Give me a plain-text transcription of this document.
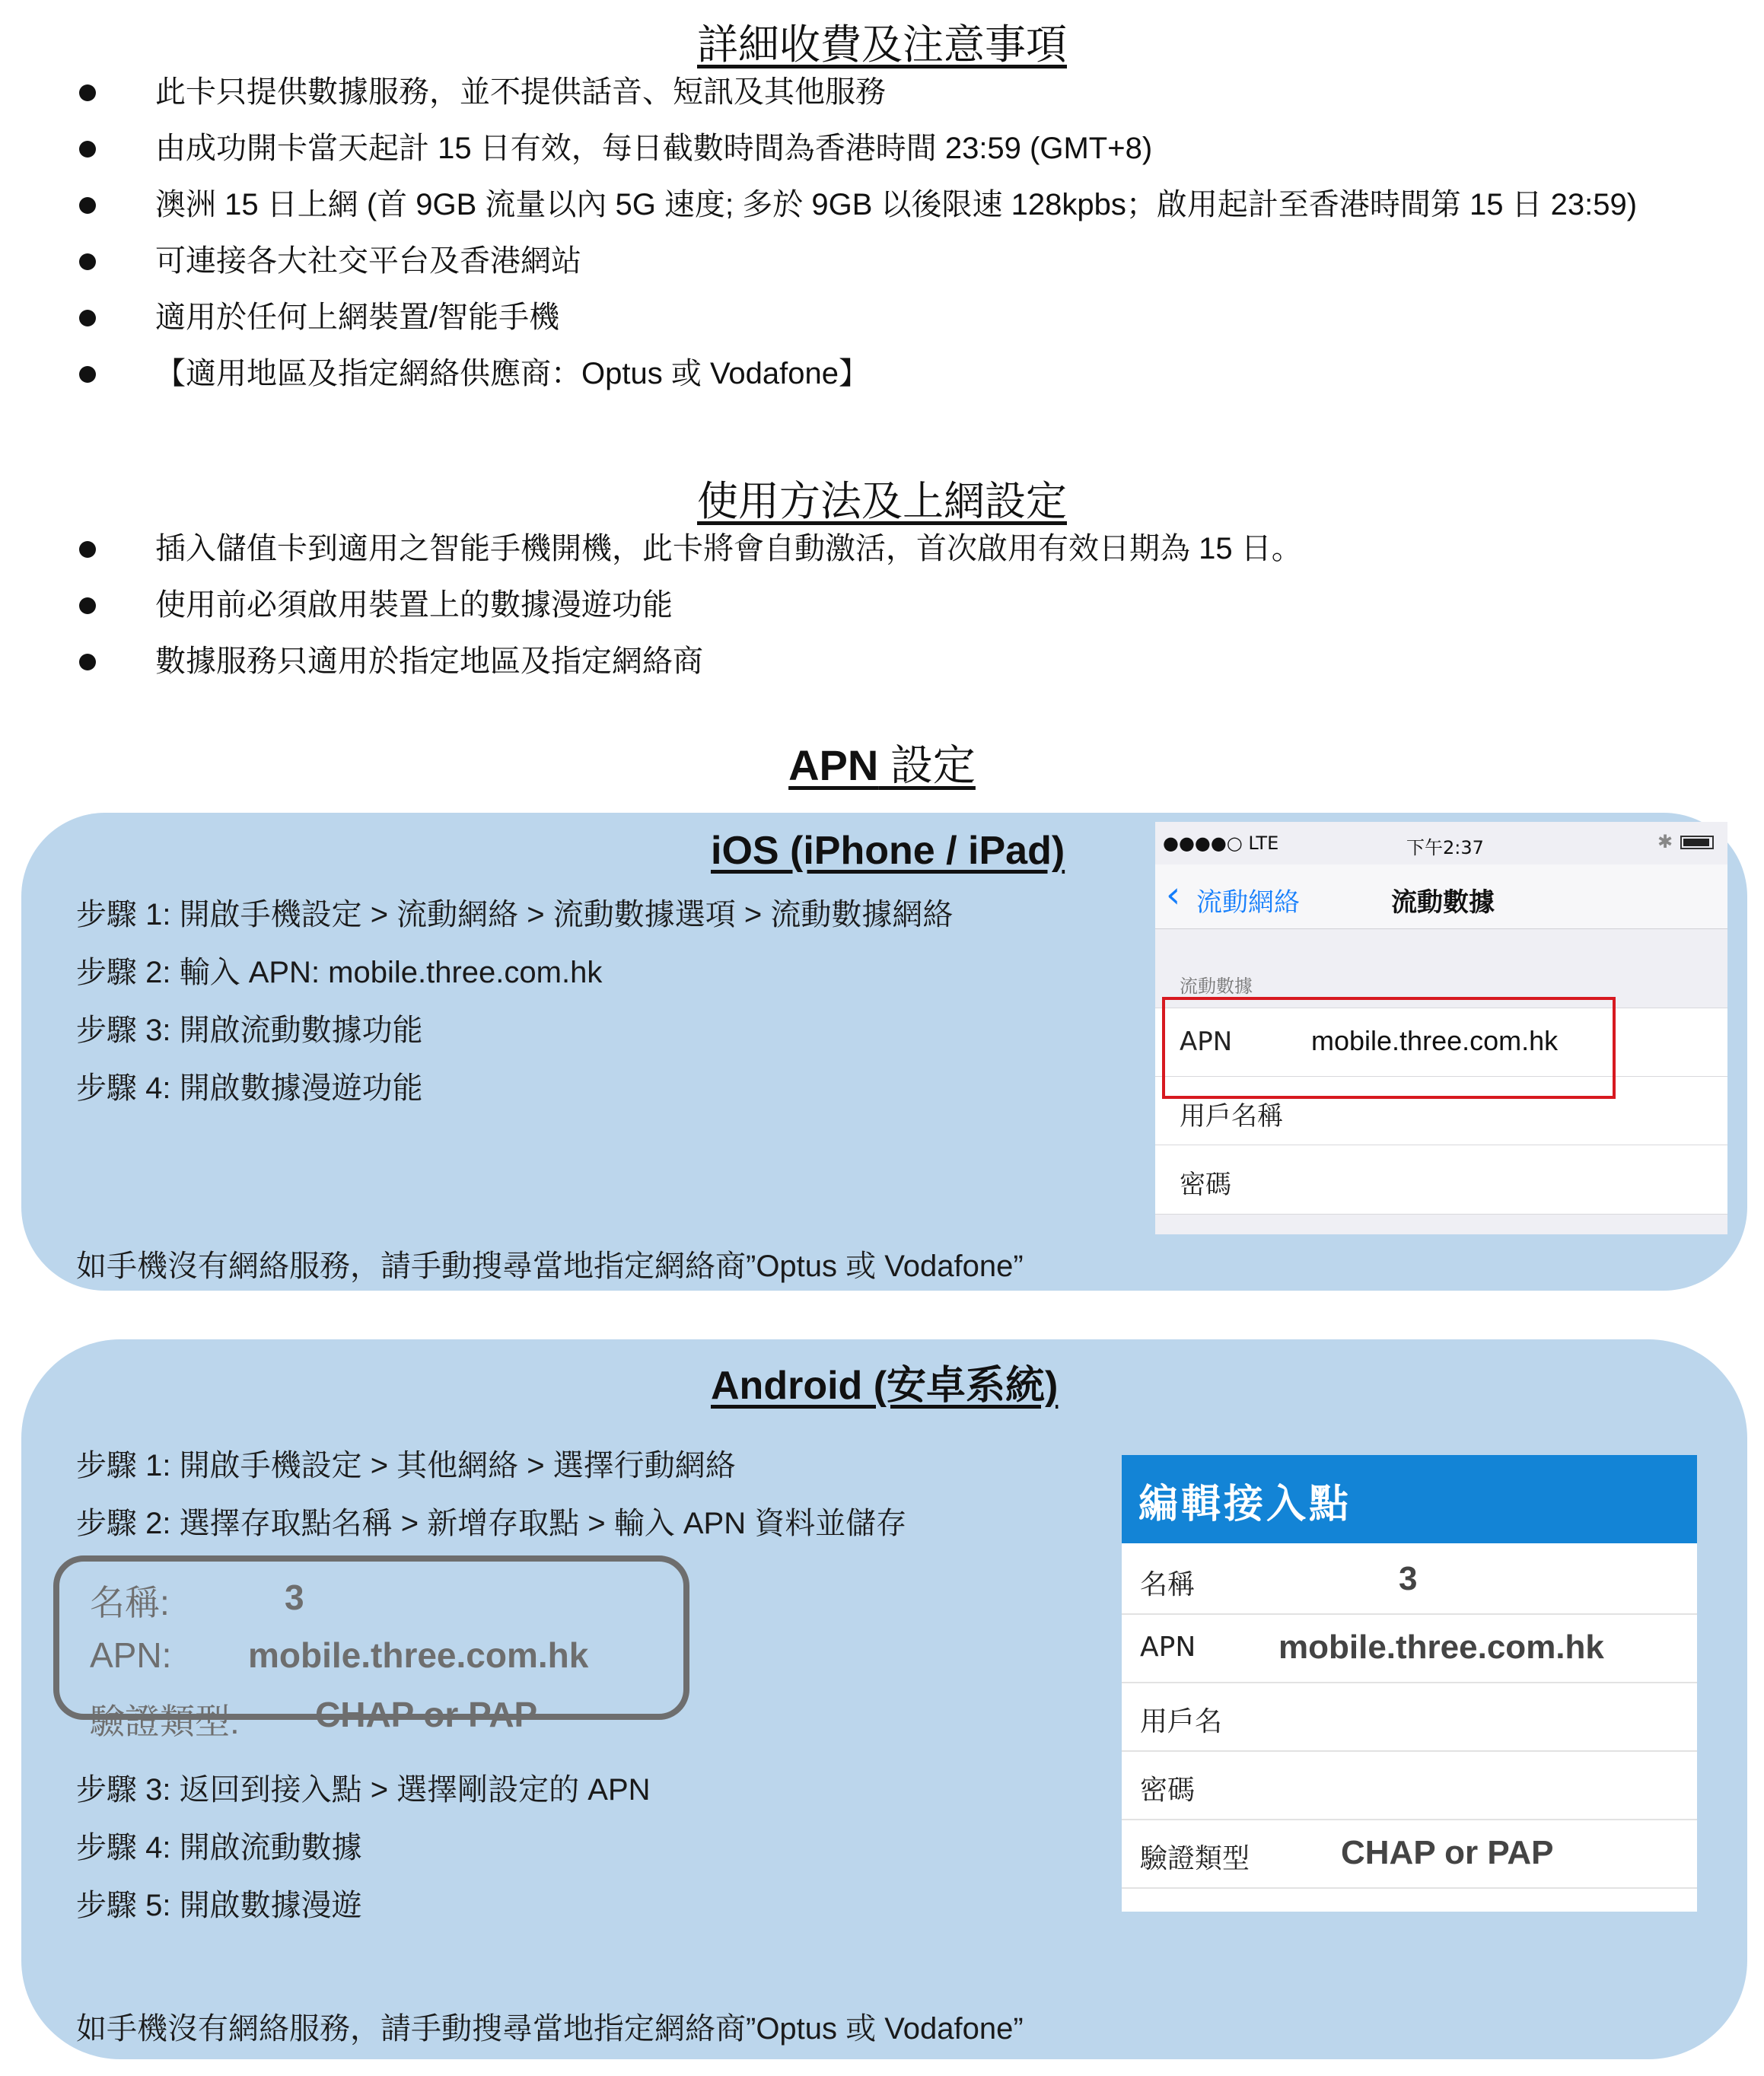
詳細收費及注意事項
此卡只提供數據服務，並不提供話音、短訊及其他服務
由成功開卡當天起計 15 日有效，每日截數時間為香港時間 23:59 (GMT+8)
澳洲 15 日上網 (首 9GB 流量以內 5G 速度; 多於 9GB 以後限速 128kpbs；啟用起計至香港時間第 15 日 23:59)
可連接各大社交平台及香港網站
適用於任何上網裝置/智能手機
【適用地區及指定網絡供應商：Optus 或 Vodafone】
使用方法及上網設定
插入儲值卡到適用之智能手機開機，此卡將會自動激活，首次啟用有效日期為 15 日。
使用前必須啟用裝置上的數據漫遊功能
數據服務只適用於指定地區及指定網絡商
APN 設定
iOS (iPhone / iPad)
步驟 1: 開啟手機設定 > 流動網絡 > 流動數據選項 > 流動數據網絡
步驟 2: 輸入 APN: mobile.three.com.hk
步驟 3: 開啟流動數據功能
步驟 4: 開啟數據漫遊功能
如手機沒有網絡服務，請手動搜尋當地指定網絡商”Optus 或 Vodafone”
●●●●○ LTE	下午2:37	✱
‹ 流動網絡	流動數據
流動數據
APN	mobile.three.com.hk
用戶名稱
密碼
Android (安卓系統)
步驟 1: 開啟手機設定 > 其他網絡 > 選擇行動網絡
步驟 2: 選擇存取點名稱 > 新增存取點 > 輸入 APN 資料並儲存
名稱:	3
APN: mobile.three.com.hk
驗證類型: CHAP or PAP
步驟 3: 返回到接入點 > 選擇剛設定的 APN
步驟 4: 開啟流動數據
步驟 5: 開啟數據漫遊
如手機沒有網絡服務，請手動搜尋當地指定網絡商”Optus 或 Vodafone”
編輯接入點
名稱	3
APN mobile.three.com.hk
用戶名
密碼
驗證類型	CHAP or PAP
